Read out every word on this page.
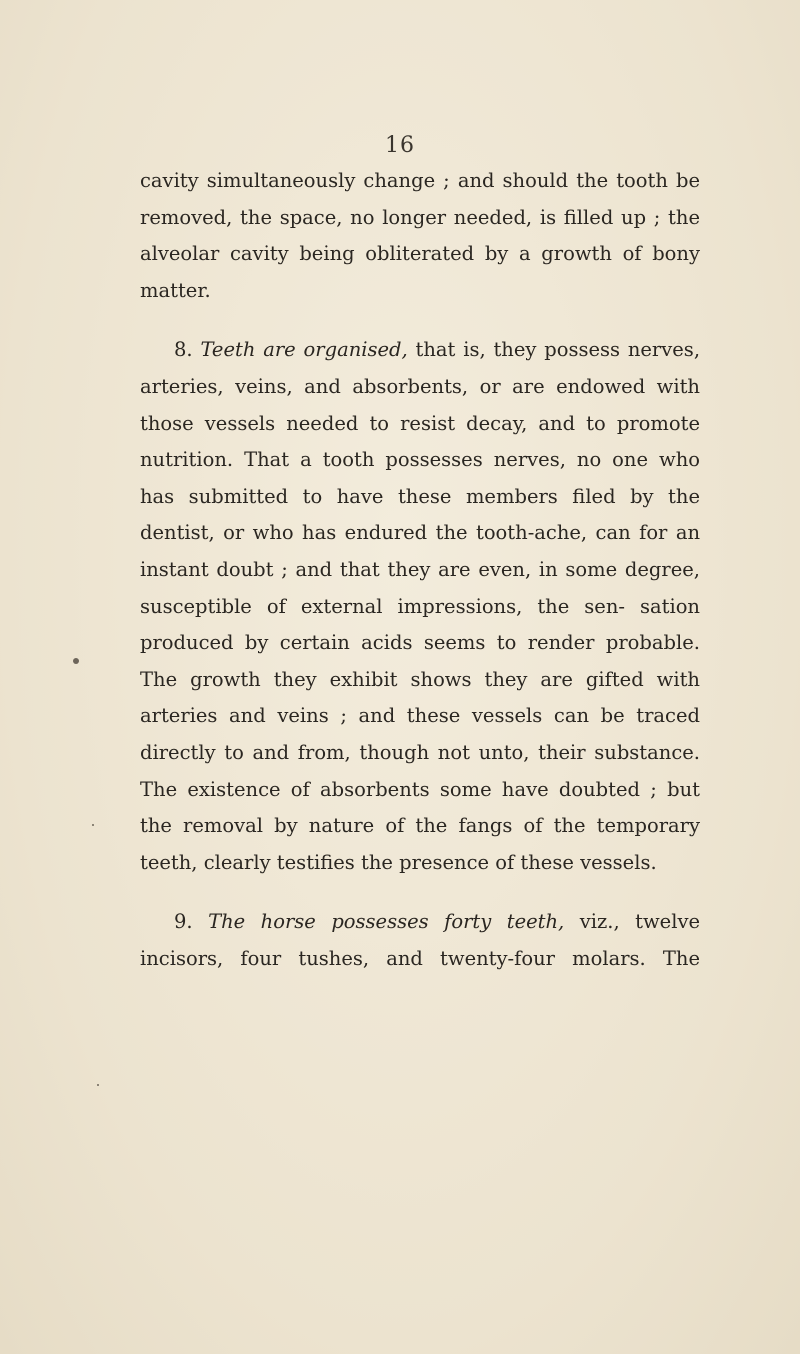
16

cavity simultaneously change ; and should the tooth be removed, the space, no longer needed, is filled up ; the alveolar cavity being obliterated by a growth of bony matter.

8. Teeth are organised, that is, they possess nerves, arteries, veins, and absorbents, or are endowed with those vessels needed to resist decay, and to promote nutrition. That a tooth possesses nerves, no one who has submitted to have these members filed by the dentist, or who has endured the tooth-ache, can for an instant doubt ; and that they are even, in some degree, susceptible of external impressions, the sen- sation produced by certain acids seems to render probable. The growth they exhibit shows they are gifted with arteries and veins ; and these vessels can be traced directly to and from, though not unto, their substance. The existence of absorbents some have doubted ; but the removal by nature of the fangs of the temporary teeth, clearly testifies the presence of these vessels.

9. The horse possesses forty teeth, viz., twelve incisors, four tushes, and twenty-four molars. The
